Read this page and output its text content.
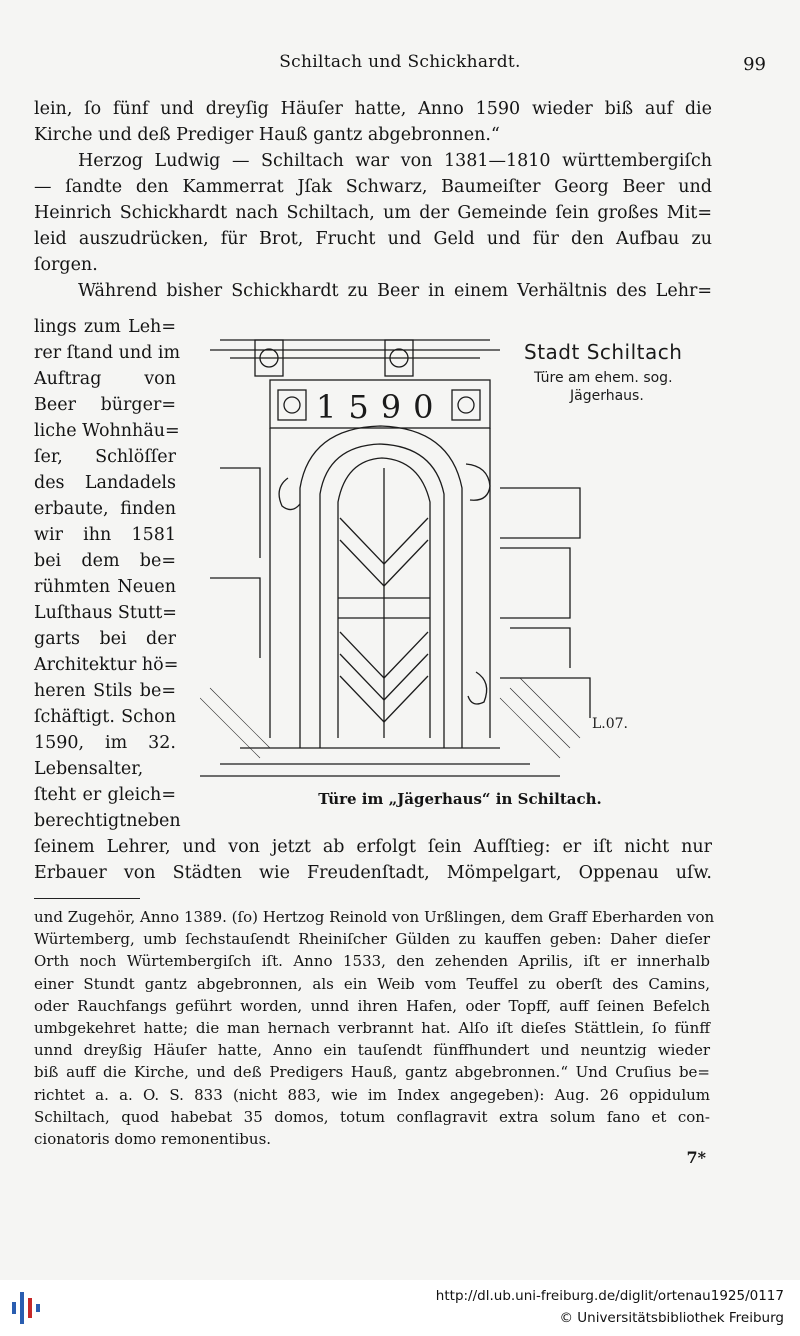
Schiltach und Schickhardt.	99
lein, ſo fünf und dreyſig Häuſer hatte, Anno 1590 wieder biß auf die
Kirche und deß Prediger Hauß gantz abgebronnen.“
Herzog Ludwig — Schiltach war von 1381—1810 württembergiſch
— ſandte den Kammerrat Jſak Schwarz, Baumeiſter Georg Beer und
Heinrich Schickhardt nach Schiltach, um der Gemeinde ſein großes Mit=
leid auszudrücken, für Brot, Frucht und Geld und für den Aufbau zu
ſorgen.
Während bisher Schickhardt zu Beer in einem Verhältnis des Lehr=
lings zum Leh=
rer ſtand und im
Auftrag von
Beer bürger=
liche Wohnhäu=
ſer, Schlöſſer
des Landadels
erbaute, finden
wir ihn 1581
bei dem be=
rühmten Neuen
Luſthaus Stutt=
garts bei der
Architektur hö=
heren Stils be=
ſchäftigt. Schon
1590, im 32.
Lebensalter,
ſteht er gleich=
berechtigtneben
1590
L.07.
Stadt Schiltach
Türe am ehem. sog.
Jägerhaus.
Türe im „Jägerhaus“ in Schiltach.
ſeinem Lehrer, und von jetzt ab erfolgt ſein Aufſtieg: er iſt nicht nur
Erbauer von Städten wie Freudenſtadt, Mömpelgart, Oppenau uſw.
und Zugehör, Anno 1389. (ſo) Hertzog Reinold von Urßlingen, dem Graff Eberharden von
Würtemberg, umb ſechstauſendt Rheiniſcher Gülden zu kauffen geben: Daher dieſer
Orth noch Würtembergiſch iſt. Anno 1533, den zehenden Aprilis, iſt er innerhalb
einer Stundt gantz abgebronnen, als ein Weib vom Teuffel zu oberſt des Camins,
oder Rauchfangs geführt worden, unnd ihren Hafen, oder Topff, auff ſeinen Befelch
umbgekehret hatte; die man hernach verbrannt hat. Alſo iſt dieſes Stättlein, ſo fünff
unnd dreyßig Häuſer hatte, Anno ein tauſendt fünffhundert und neuntzig wieder
biß auff die Kirche, und deß Predigers Hauß, gantz abgebronnen.“ Und Cruſius be=
richtet a. a. O. S. 833 (nicht 883, wie im Index angegeben): Aug. 26 oppidulum
Schiltach, quod habebat 35 domos, totum conflagravit extra solum fano et con-
cionatoris domo remonentibus.
7*
http://dl.ub.uni-freiburg.de/diglit/ortenau1925/0117
© Universitätsbibliothek Freiburg
